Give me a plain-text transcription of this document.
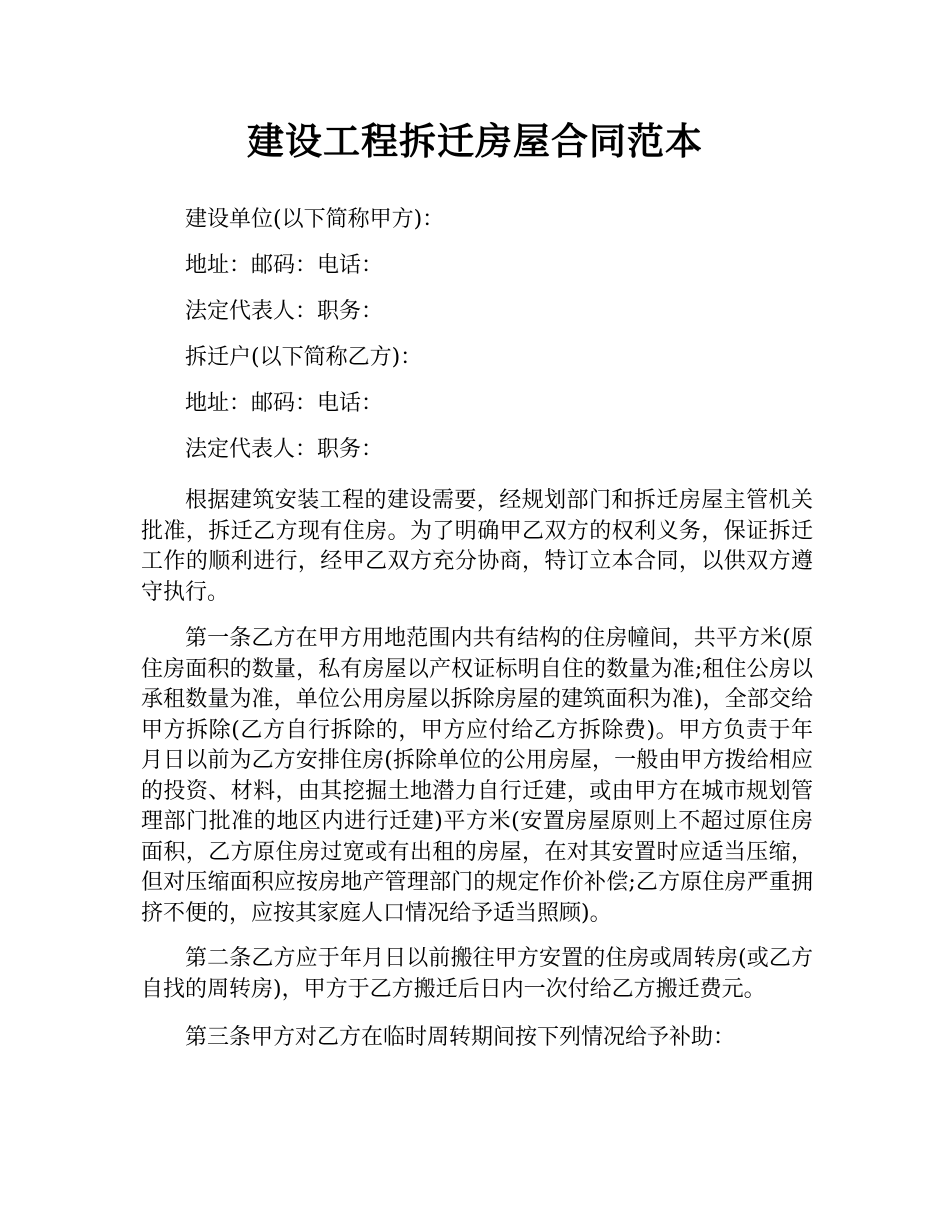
建设工程拆迁房屋合同范本

建设单位(以下简称甲方)：

地址：邮码：电话：

法定代表人：职务：

拆迁户(以下简称乙方)：

地址：邮码：电话：

法定代表人：职务：

根据建筑安装工程的建设需要，经规划部门和拆迁房屋主管机关批准，拆迁乙方现有住房。为了明确甲乙双方的权利义务，保证拆迁工作的顺利进行，经甲乙双方充分协商，特订立本合同，以供双方遵守执行。

第一条乙方在甲方用地范围内共有结构的住房幢间，共平方米(原住房面积的数量，私有房屋以产权证标明自住的数量为准;租住公房以承租数量为准，单位公用房屋以拆除房屋的建筑面积为准)，全部交给甲方拆除(乙方自行拆除的，甲方应付给乙方拆除费)。甲方负责于年月日以前为乙方安排住房(拆除单位的公用房屋，一般由甲方拨给相应的投资、材料，由其挖掘土地潜力自行迁建，或由甲方在城市规划管理部门批准的地区内进行迁建)平方米(安置房屋原则上不超过原住房面积，乙方原住房过宽或有出租的房屋，在对其安置时应适当压缩，但对压缩面积应按房地产管理部门的规定作价补偿;乙方原住房严重拥挤不便的，应按其家庭人口情况给予适当照顾)。

第二条乙方应于年月日以前搬往甲方安置的住房或周转房(或乙方自找的周转房)，甲方于乙方搬迁后日内一次付给乙方搬迁费元。

第三条甲方对乙方在临时周转期间按下列情况给予补助：
